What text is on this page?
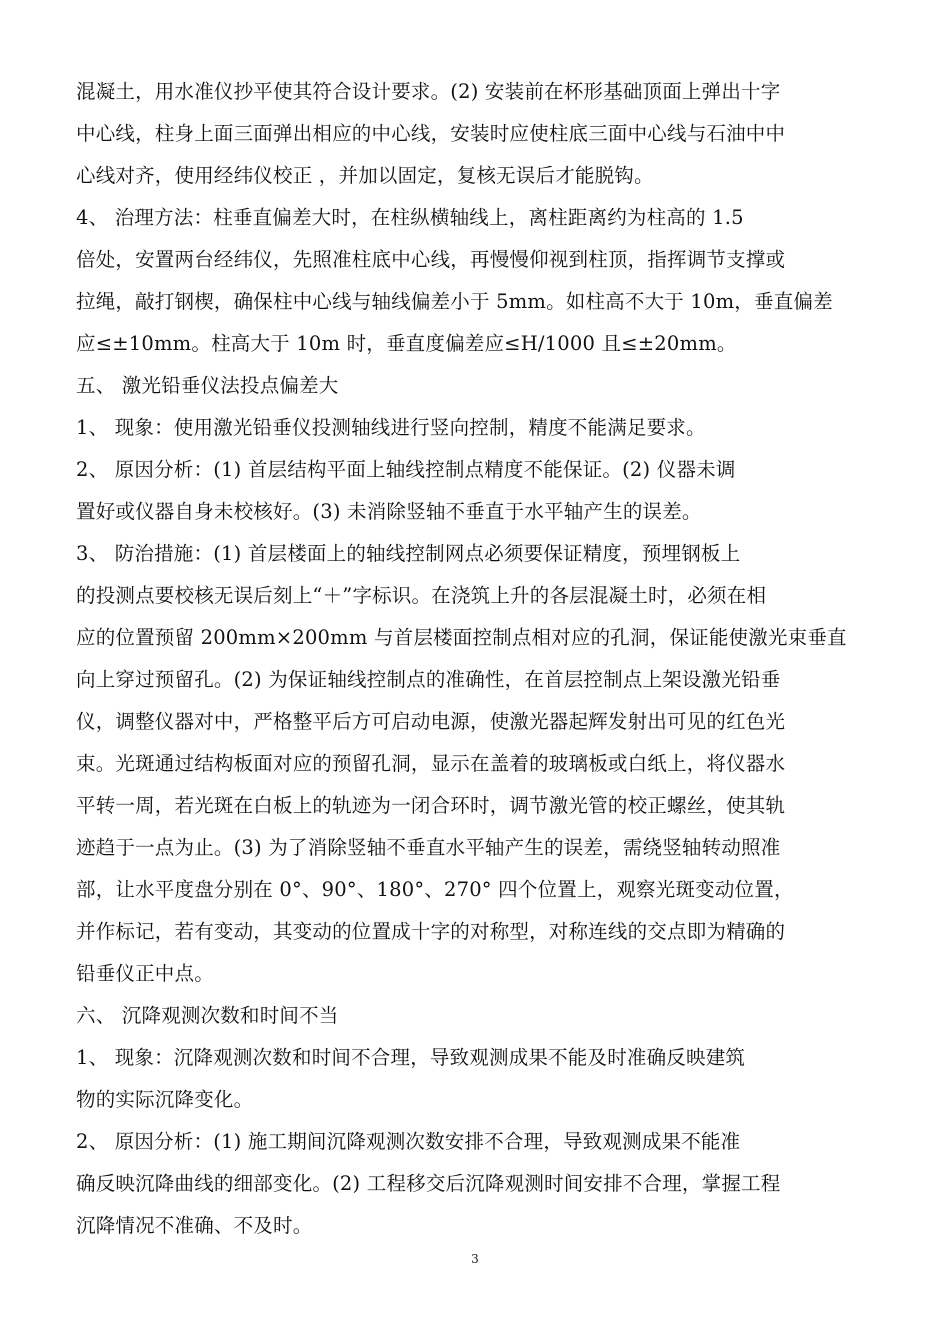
混凝土，用水准仪抄平使其符合设计要求。(2) 安装前在杯形基础顶面上弹出十字
中心线，柱身上面三面弹出相应的中心线，安装时应使柱底三面中心线与石油中中
心线对齐，使用经纬仪校正 ，并加以固定，复核无误后才能脱钩。
4、 治理方法：柱垂直偏差大时，在柱纵横轴线上，离柱距离约为柱高的 1.5
倍处，安置两台经纬仪，先照准柱底中心线，再慢慢仰视到柱顶，指挥调节支撑或
拉绳，敲打钢楔，确保柱中心线与轴线偏差小于 5mm。如柱高不大于 10m，垂直偏差
应≤±10mm。柱高大于 10m 时，垂直度偏差应≤H/1000 且≤±20mm。
五、 激光铅垂仪法投点偏差大
1、 现象：使用激光铅垂仪投测轴线进行竖向控制，精度不能满足要求。
2、 原因分析：(1) 首层结构平面上轴线控制点精度不能保证。(2) 仪器未调
置好或仪器自身未校核好。(3) 未消除竖轴不垂直于水平轴产生的误差。
3、 防治措施：(1) 首层楼面上的轴线控制网点必须要保证精度，预埋钢板上
的投测点要校核无误后刻上“＋”字标识。在浇筑上升的各层混凝土时，必须在相
应的位置预留 200mm×200mm 与首层楼面控制点相对应的孔洞，保证能使激光束垂直
向上穿过预留孔。(2) 为保证轴线控制点的准确性，在首层控制点上架设激光铅垂
仪，调整仪器对中，严格整平后方可启动电源，使激光器起辉发射出可见的红色光
束。光斑通过结构板面对应的预留孔洞，显示在盖着的玻璃板或白纸上，将仪器水
平转一周，若光斑在白板上的轨迹为一闭合环时，调节激光管的校正螺丝，使其轨
迹趋于一点为止。(3) 为了消除竖轴不垂直水平轴产生的误差，需绕竖轴转动照准
部，让水平度盘分别在 0°、90°、180°、270° 四个位置上，观察光斑变动位置，
并作标记，若有变动，其变动的位置成十字的对称型，对称连线的交点即为精确的
铅垂仪正中点。
六、 沉降观测次数和时间不当
1、 现象：沉降观测次数和时间不合理，导致观测成果不能及时准确反映建筑
物的实际沉降变化。
2、 原因分析：(1) 施工期间沉降观测次数安排不合理，导致观测成果不能准
确反映沉降曲线的细部变化。(2) 工程移交后沉降观测时间安排不合理，掌握工程
沉降情况不准确、不及时。
3
